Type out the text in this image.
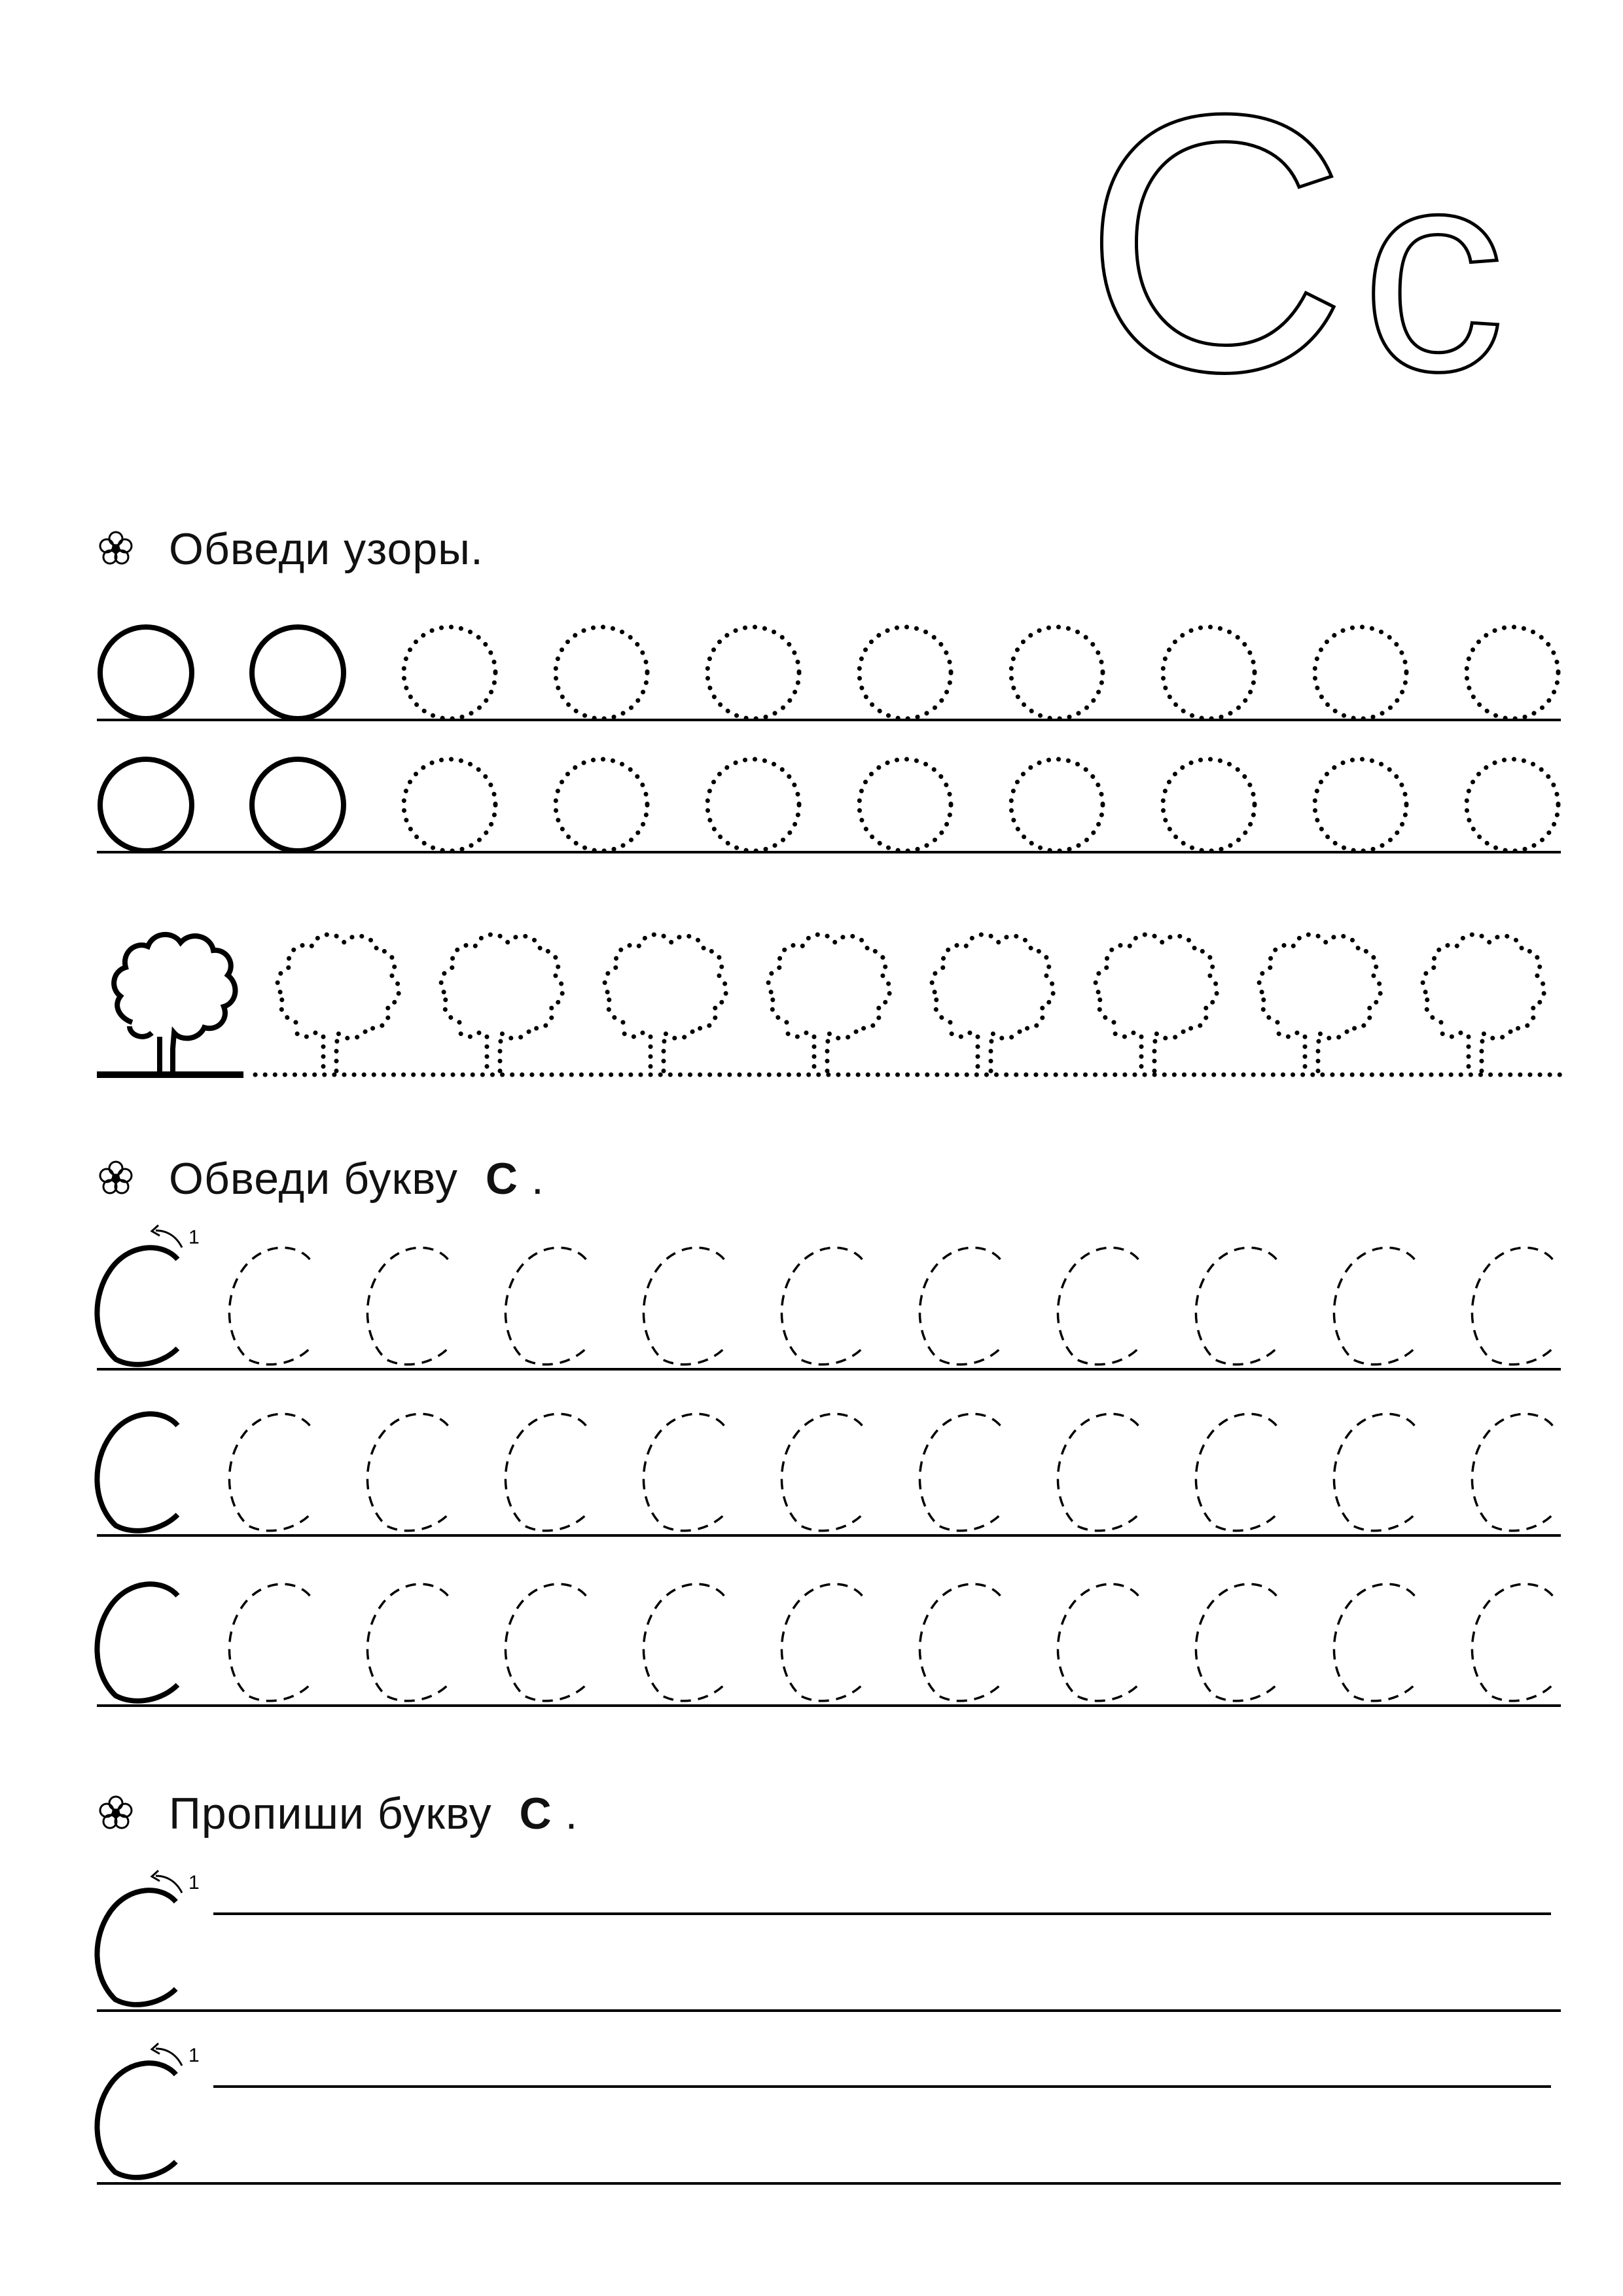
C c
Обведи узоры.
Обведи букву С .
1
Пропиши букву С .
1
1
